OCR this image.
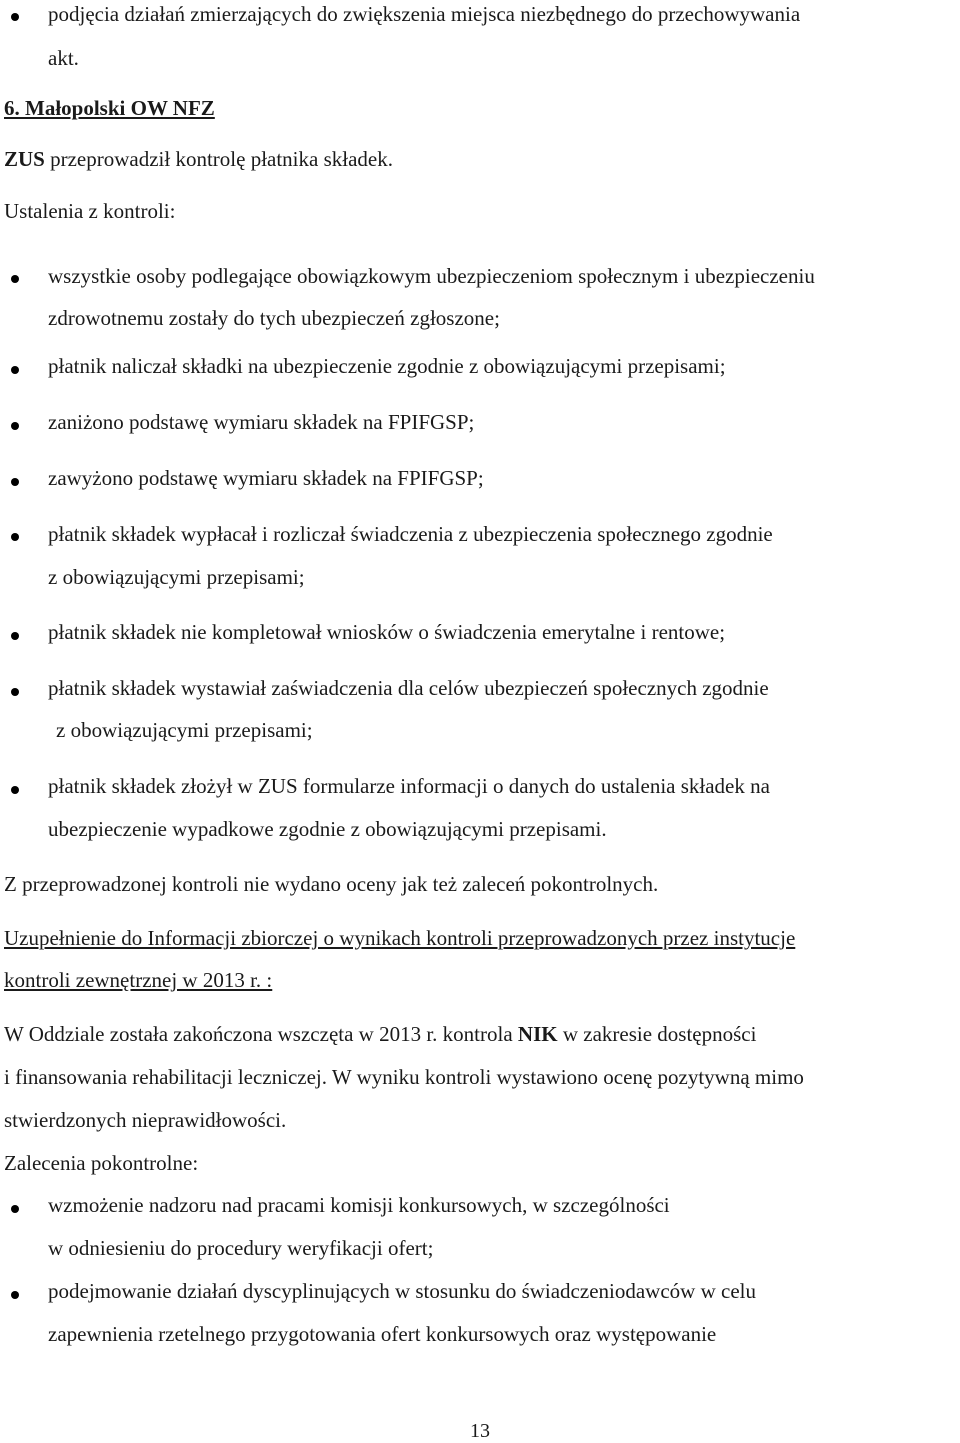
podjęcia działań zmierzających do zwiększenia miejsca niezbędnego do przechowywania
akt.
6. Małopolski OW NFZ
ZUS przeprowadził kontrolę płatnika składek.
Ustalenia z kontroli:
wszystkie osoby podlegające obowiązkowym ubezpieczeniom społecznym i ubezpieczeniu
zdrowotnemu zostały do tych ubezpieczeń zgłoszone;
płatnik naliczał składki na ubezpieczenie zgodnie z obowiązującymi przepisami;
zaniżono podstawę wymiaru składek na FPIFGSP;
zawyżono podstawę wymiaru składek na FPIFGSP;
płatnik składek wypłacał i rozliczał świadczenia z ubezpieczenia społecznego zgodnie
z obowiązującymi przepisami;
płatnik składek nie kompletował wniosków o świadczenia emerytalne i rentowe;
płatnik składek wystawiał zaświadczenia dla celów ubezpieczeń społecznych zgodnie
z obowiązującymi przepisami;
płatnik składek złożył w ZUS formularze informacji o danych do ustalenia składek na
ubezpieczenie wypadkowe zgodnie z obowiązującymi przepisami.
Z przeprowadzonej kontroli nie wydano oceny jak też zaleceń pokontrolnych.
Uzupełnienie do Informacji zbiorczej o wynikach kontroli przeprowadzonych przez instytucje
kontroli zewnętrznej w 2013 r. :
W Oddziale została zakończona wszczęta w 2013 r. kontrola NIK w zakresie dostępności
i finansowania rehabilitacji leczniczej. W wyniku kontroli wystawiono ocenę pozytywną mimo
stwierdzonych nieprawidłowości.
Zalecenia pokontrolne:
wzmożenie nadzoru nad pracami komisji konkursowych, w szczególności
w odniesieniu do procedury weryfikacji ofert;
podejmowanie działań dyscyplinujących w stosunku do świadczeniodawców w celu
zapewnienia rzetelnego przygotowania ofert konkursowych oraz występowanie
13
